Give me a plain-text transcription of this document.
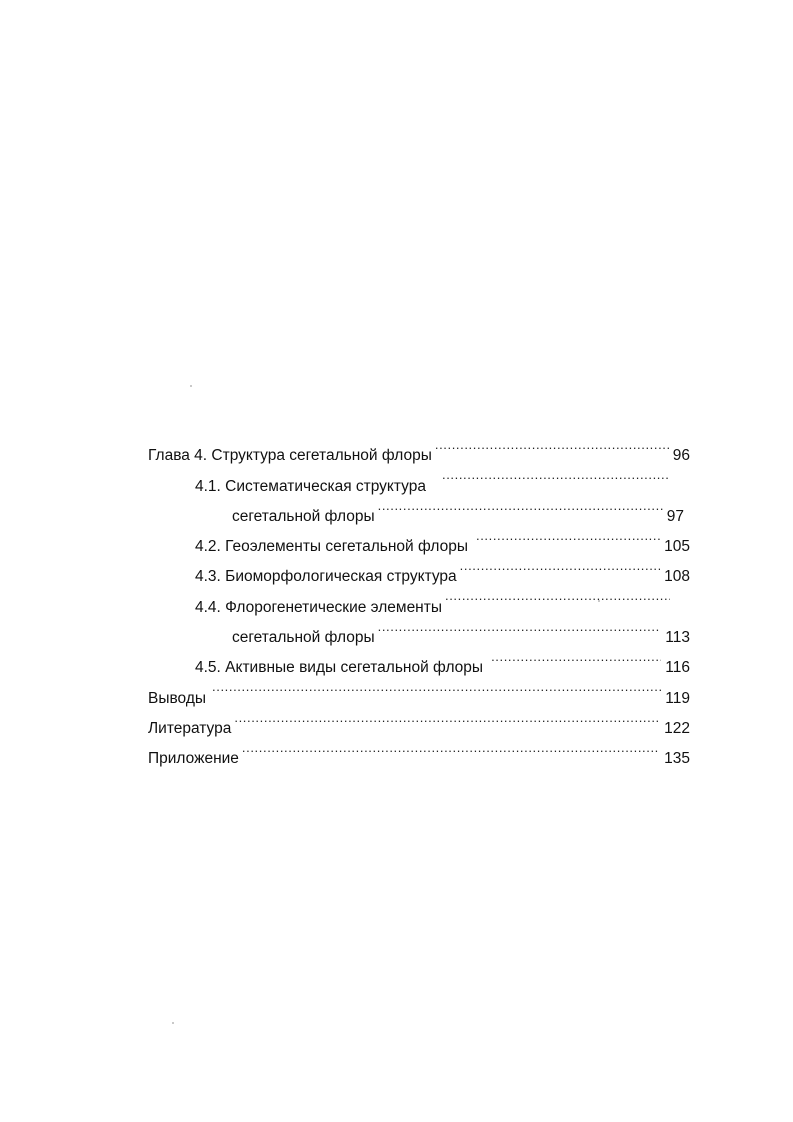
Глава 4. Структура сегетальной флоры .....	96
4.1. Систематическая структура
.....
сегетальной флоры .....	97
4.2. Геоэлементы сегетальной флоры .....	105
4.3. Биоморфологическая структура .....	108
4.4. Флорогенетические элементы
.....
сегетальной флоры .....	113
4.5. Активные виды сегетальной флоры .....	116
Выводы .....	119
Литература .....	122
Приложение .....	135
